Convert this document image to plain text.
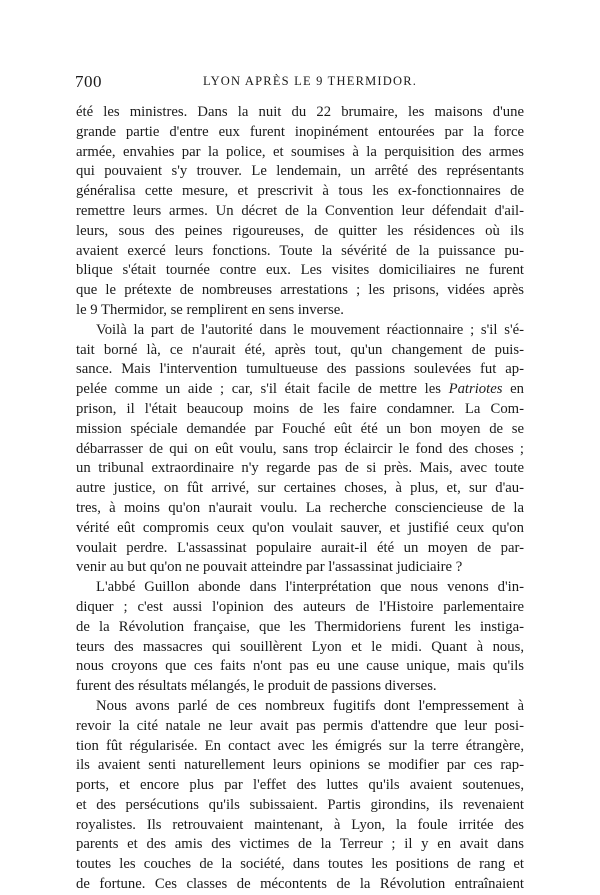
700	LYON APRÈS LE 9 THERMIDOR.
été les ministres. Dans la nuit du 22 brumaire, les maisons d'une
grande partie d'entre eux furent inopinément entourées par la force
armée, envahies par la police, et soumises à la perquisition des armes
qui pouvaient s'y trouver. Le lendemain, un arrêté des représentants
généralisa cette mesure, et prescrivit à tous les ex-fonctionnaires de
remettre leurs armes. Un décret de la Convention leur défendait d'ail-
leurs, sous des peines rigoureuses, de quitter les résidences où ils
avaient exercé leurs fonctions. Toute la sévérité de la puissance pu-
blique s'était tournée contre eux. Les visites domiciliaires ne furent
que le prétexte de nombreuses arrestations ; les prisons, vidées après
le 9 Thermidor, se remplirent en sens inverse.
Voilà la part de l'autorité dans le mouvement réactionnaire ; s'il s'é-
tait borné là, ce n'aurait été, après tout, qu'un changement de puis-
sance. Mais l'intervention tumultueuse des passions soulevées fut ap-
pelée comme un aide ; car, s'il était facile de mettre les Patriotes en
prison, il l'était beaucoup moins de les faire condamner. La Com-
mission spéciale demandée par Fouché eût été un bon moyen de se
débarrasser de qui on eût voulu, sans trop éclaircir le fond des choses ;
un tribunal extraordinaire n'y regarde pas de si près. Mais, avec toute
autre justice, on fût arrivé, sur certaines choses, à plus, et, sur d'au-
tres, à moins qu'on n'aurait voulu. La recherche consciencieuse de la
vérité eût compromis ceux qu'on voulait sauver, et justifié ceux qu'on
voulait perdre. L'assassinat populaire aurait-il été un moyen de par-
venir au but qu'on ne pouvait atteindre par l'assassinat judiciaire ?
L'abbé Guillon abonde dans l'interprétation que nous venons d'in-
diquer ; c'est aussi l'opinion des auteurs de l'Histoire parlementaire
de la Révolution française, que les Thermidoriens furent les instiga-
teurs des massacres qui souillèrent Lyon et le midi. Quant à nous,
nous croyons que ces faits n'ont pas eu une cause unique, mais qu'ils
furent des résultats mélangés, le produit de passions diverses.
Nous avons parlé de ces nombreux fugitifs dont l'empressement à
revoir la cité natale ne leur avait pas permis d'attendre que leur posi-
tion fût régularisée. En contact avec les émigrés sur la terre étrangère,
ils avaient senti naturellement leurs opinions se modifier par ces rap-
ports, et encore plus par l'effet des luttes qu'ils avaient soutenues,
et des persécutions qu'ils subissaient. Partis girondins, ils revenaient
royalistes. Ils retrouvaient maintenant, à Lyon, la foule irritée des
parents et des amis des victimes de la Terreur ; il y en avait dans
toutes les couches de la société, dans toutes les positions de rang et
de fortune. Ces classes de mécontents de la Révolution entraînaient
